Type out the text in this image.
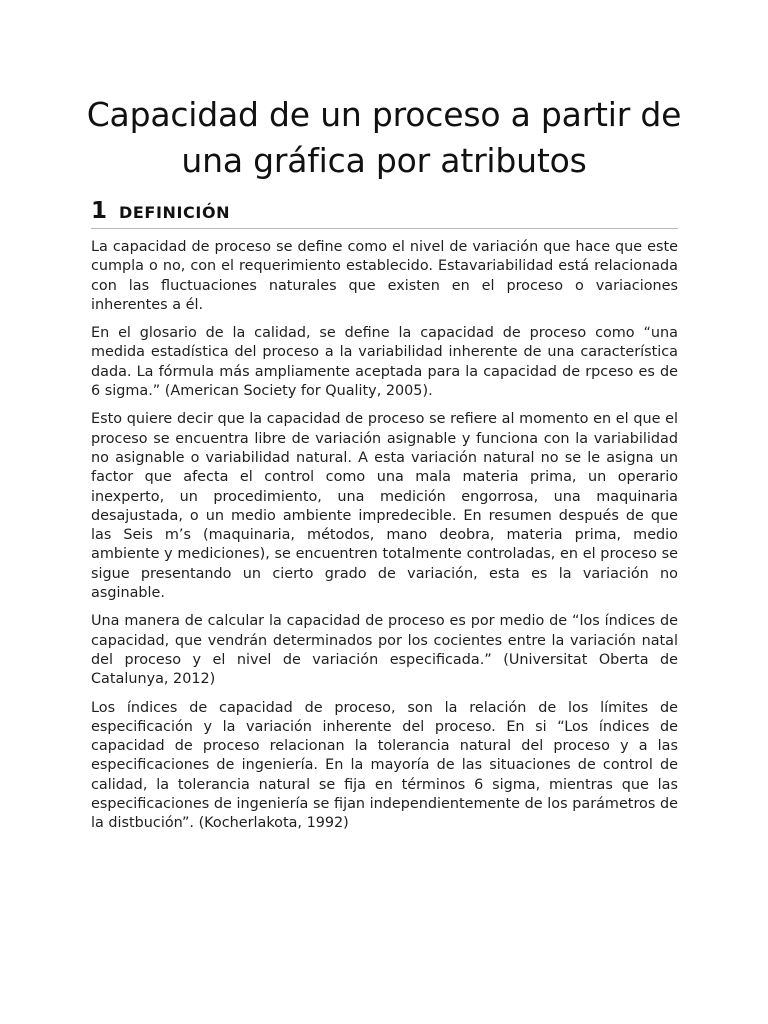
Capacidad de un proceso a partir de una gráfica por atributos
1 DEFINICIÓN

La capacidad de proceso se define como el nivel de variación que hace que este cumpla o no, con el requerimiento establecido. Estavariabilidad está relacionada con las fluctuaciones naturales que existen en el proceso o variaciones inherentes a él.

En el glosario de la calidad, se define la capacidad de proceso como “una medida estadística del proceso a la variabilidad inherente de una característica dada. La fórmula más ampliamente aceptada para la capacidad de rpceso es de 6 sigma.” (American Society for Quality, 2005).

Esto quiere decir que la capacidad de proceso se refiere al momento en el que el proceso se encuentra libre de variación asignable y funciona con la variabilidad no asignable o variabilidad natural. A esta variación natural no se le asigna un factor que afecta el control como una mala materia prima, un operario inexperto, un procedimiento, una medición engorrosa, una maquinaria desajustada, o un medio ambiente impredecible. En resumen después de que las Seis m’s (maquinaria, métodos, mano deobra, materia prima, medio ambiente y mediciones), se encuentren totalmente controladas, en el proceso se sigue presentando un cierto grado de variación, esta es la variación no asginable.

Una manera de calcular la capacidad de proceso es por medio de “los índices de capacidad, que vendrán determinados por los cocientes entre la variación natal del proceso y el nivel de variación especificada.” (Universitat Oberta de Catalunya, 2012)

Los índices de capacidad de proceso, son la relación de los límites de especificación y la variación inherente del proceso. En si “Los índices de capacidad de proceso relacionan la tolerancia natural del proceso y a las especificaciones de ingeniería. En la mayoría de las situaciones de control de calidad, la tolerancia natural se fija en términos 6 sigma, mientras que las especificaciones de ingeniería se fijan independientemente de los parámetros de la distbución”. (Kocherlakota, 1992)
